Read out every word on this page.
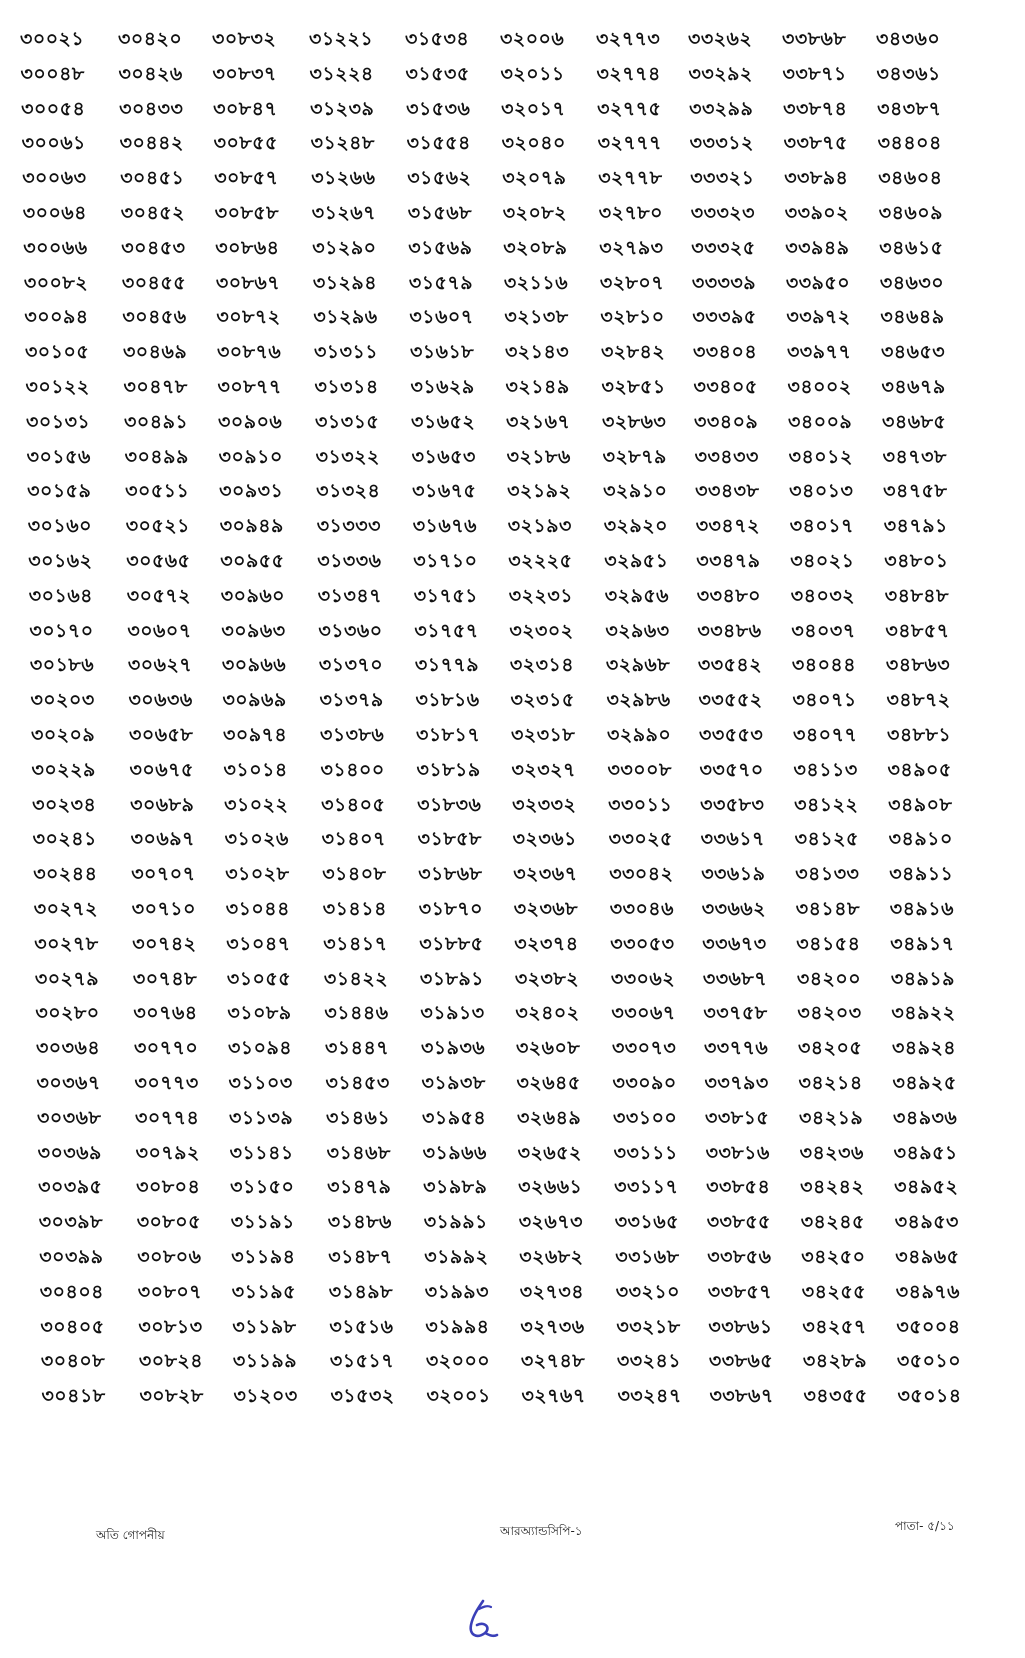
৩০০২১
৩০০৪৮
৩০০৫৪
৩০০৬১
৩০০৬৩
৩০০৬৪
৩০০৬৬
৩০০৮২
৩০০৯৪
৩০১০৫
৩০১২২
৩০১৩১
৩০১৫৬
৩০১৫৯
৩০১৬০
৩০১৬২
৩০১৬৪
৩০১৭০
৩০১৮৬
৩০২০৩
৩০২০৯
৩০২২৯
৩০২৩৪
৩০২৪১
৩০২৪৪
৩০২৭২
৩০২৭৮
৩০২৭৯
৩০২৮০
৩০৩৬৪
৩০৩৬৭
৩০৩৬৮
৩০৩৬৯
৩০৩৯৫
৩০৩৯৮
৩০৩৯৯
৩০৪০৪
৩০৪০৫
৩০৪০৮
৩০৪১৮
৩০৪২০
৩০৪২৬
৩০৪৩৩
৩০৪৪২
৩০৪৫১
৩০৪৫২
৩০৪৫৩
৩০৪৫৫
৩০৪৫৬
৩০৪৬৯
৩০৪৭৮
৩০৪৯১
৩০৪৯৯
৩০৫১১
৩০৫২১
৩০৫৬৫
৩০৫৭২
৩০৬০৭
৩০৬২৭
৩০৬৩৬
৩০৬৫৮
৩০৬৭৫
৩০৬৮৯
৩০৬৯৭
৩০৭০৭
৩০৭১০
৩০৭৪২
৩০৭৪৮
৩০৭৬৪
৩০৭৭০
৩০৭৭৩
৩০৭৭৪
৩০৭৯২
৩০৮০৪
৩০৮০৫
৩০৮০৬
৩০৮০৭
৩০৮১৩
৩০৮২৪
৩০৮২৮
৩০৮৩২
৩০৮৩৭
৩০৮৪৭
৩০৮৫৫
৩০৮৫৭
৩০৮৫৮
৩০৮৬৪
৩০৮৬৭
৩০৮৭২
৩০৮৭৬
৩০৮৭৭
৩০৯০৬
৩০৯১০
৩০৯৩১
৩০৯৪৯
৩০৯৫৫
৩০৯৬০
৩০৯৬৩
৩০৯৬৬
৩০৯৬৯
৩০৯৭৪
৩১০১৪
৩১০২২
৩১০২৬
৩১০২৮
৩১০৪৪
৩১০৪৭
৩১০৫৫
৩১০৮৯
৩১০৯৪
৩১১০৩
৩১১৩৯
৩১১৪১
৩১১৫০
৩১১৯১
৩১১৯৪
৩১১৯৫
৩১১৯৮
৩১১৯৯
৩১২০৩
৩১২২১
৩১২২৪
৩১২৩৯
৩১২৪৮
৩১২৬৬
৩১২৬৭
৩১২৯০
৩১২৯৪
৩১২৯৬
৩১৩১১
৩১৩১৪
৩১৩১৫
৩১৩২২
৩১৩২৪
৩১৩৩৩
৩১৩৩৬
৩১৩৪৭
৩১৩৬০
৩১৩৭০
৩১৩৭৯
৩১৩৮৬
৩১৪০০
৩১৪০৫
৩১৪০৭
৩১৪০৮
৩১৪১৪
৩১৪১৭
৩১৪২২
৩১৪৪৬
৩১৪৪৭
৩১৪৫৩
৩১৪৬১
৩১৪৬৮
৩১৪৭৯
৩১৪৮৬
৩১৪৮৭
৩১৪৯৮
৩১৫১৬
৩১৫১৭
৩১৫৩২
৩১৫৩৪
৩১৫৩৫
৩১৫৩৬
৩১৫৫৪
৩১৫৬২
৩১৫৬৮
৩১৫৬৯
৩১৫৭৯
৩১৬০৭
৩১৬১৮
৩১৬২৯
৩১৬৫২
৩১৬৫৩
৩১৬৭৫
৩১৬৭৬
৩১৭১০
৩১৭৫১
৩১৭৫৭
৩১৭৭৯
৩১৮১৬
৩১৮১৭
৩১৮১৯
৩১৮৩৬
৩১৮৫৮
৩১৮৬৮
৩১৮৭০
৩১৮৮৫
৩১৮৯১
৩১৯১৩
৩১৯৩৬
৩১৯৩৮
৩১৯৫৪
৩১৯৬৬
৩১৯৮৯
৩১৯৯১
৩১৯৯২
৩১৯৯৩
৩১৯৯৪
৩২০০০
৩২০০১
৩২০০৬
৩২০১১
৩২০১৭
৩২০৪০
৩২০৭৯
৩২০৮২
৩২০৮৯
৩২১১৬
৩২১৩৮
৩২১৪৩
৩২১৪৯
৩২১৬৭
৩২১৮৬
৩২১৯২
৩২১৯৩
৩২২২৫
৩২২৩১
৩২৩০২
৩২৩১৪
৩২৩১৫
৩২৩১৮
৩২৩২৭
৩২৩৩২
৩২৩৬১
৩২৩৬৭
৩২৩৬৮
৩২৩৭৪
৩২৩৮২
৩২৪০২
৩২৬০৮
৩২৬৪৫
৩২৬৪৯
৩২৬৫২
৩২৬৬১
৩২৬৭৩
৩২৬৮২
৩২৭৩৪
৩২৭৩৬
৩২৭৪৮
৩২৭৬৭
৩২৭৭৩
৩২৭৭৪
৩২৭৭৫
৩২৭৭৭
৩২৭৭৮
৩২৭৮০
৩২৭৯৩
৩২৮০৭
৩২৮১০
৩২৮৪২
৩২৮৫১
৩২৮৬৩
৩২৮৭৯
৩২৯১০
৩২৯২০
৩২৯৫১
৩২৯৫৬
৩২৯৬৩
৩২৯৬৮
৩২৯৮৬
৩২৯৯০
৩৩০০৮
৩৩০১১
৩৩০২৫
৩৩০৪২
৩৩০৪৬
৩৩০৫৩
৩৩০৬২
৩৩০৬৭
৩৩০৭৩
৩৩০৯০
৩৩১০০
৩৩১১১
৩৩১১৭
৩৩১৬৫
৩৩১৬৮
৩৩২১০
৩৩২১৮
৩৩২৪১
৩৩২৪৭
৩৩২৬২
৩৩২৯২
৩৩২৯৯
৩৩৩১২
৩৩৩২১
৩৩৩২৩
৩৩৩২৫
৩৩৩৩৯
৩৩৩৯৫
৩৩৪০৪
৩৩৪০৫
৩৩৪০৯
৩৩৪৩৩
৩৩৪৩৮
৩৩৪৭২
৩৩৪৭৯
৩৩৪৮০
৩৩৪৮৬
৩৩৫৪২
৩৩৫৫২
৩৩৫৫৩
৩৩৫৭০
৩৩৫৮৩
৩৩৬১৭
৩৩৬১৯
৩৩৬৬২
৩৩৬৭৩
৩৩৬৮৭
৩৩৭৫৮
৩৩৭৭৬
৩৩৭৯৩
৩৩৮১৫
৩৩৮১৬
৩৩৮৫৪
৩৩৮৫৫
৩৩৮৫৬
৩৩৮৫৭
৩৩৮৬১
৩৩৮৬৫
৩৩৮৬৭
৩৩৮৬৮
৩৩৮৭১
৩৩৮৭৪
৩৩৮৭৫
৩৩৮৯৪
৩৩৯০২
৩৩৯৪৯
৩৩৯৫০
৩৩৯৭২
৩৩৯৭৭
৩৪০০২
৩৪০০৯
৩৪০১২
৩৪০১৩
৩৪০১৭
৩৪০২১
৩৪০৩২
৩৪০৩৭
৩৪০৪৪
৩৪০৭১
৩৪০৭৭
৩৪১১৩
৩৪১২২
৩৪১২৫
৩৪১৩৩
৩৪১৪৮
৩৪১৫৪
৩৪২০০
৩৪২০৩
৩৪২০৫
৩৪২১৪
৩৪২১৯
৩৪২৩৬
৩৪২৪২
৩৪২৪৫
৩৪২৫০
৩৪২৫৫
৩৪২৫৭
৩৪২৮৯
৩৪৩৫৫
৩৪৩৬০
৩৪৩৬১
৩৪৩৮৭
৩৪৪০৪
৩৪৬০৪
৩৪৬০৯
৩৪৬১৫
৩৪৬৩০
৩৪৬৪৯
৩৪৬৫৩
৩৪৬৭৯
৩৪৬৮৫
৩৪৭৩৮
৩৪৭৫৮
৩৪৭৯১
৩৪৮০১
৩৪৮৪৮
৩৪৮৫৭
৩৪৮৬৩
৩৪৮৭২
৩৪৮৮১
৩৪৯০৫
৩৪৯০৮
৩৪৯১০
৩৪৯১১
৩৪৯১৬
৩৪৯১৭
৩৪৯১৯
৩৪৯২২
৩৪৯২৪
৩৪৯২৫
৩৪৯৩৬
৩৪৯৫১
৩৪৯৫২
৩৪৯৫৩
৩৪৯৬৫
৩৪৯৭৬
৩৫০০৪
৩৫০১০
৩৫০১৪
অতি গোপনীয়	আরঅ্যান্ডসিপি-১	পাতা- ৫/১১
